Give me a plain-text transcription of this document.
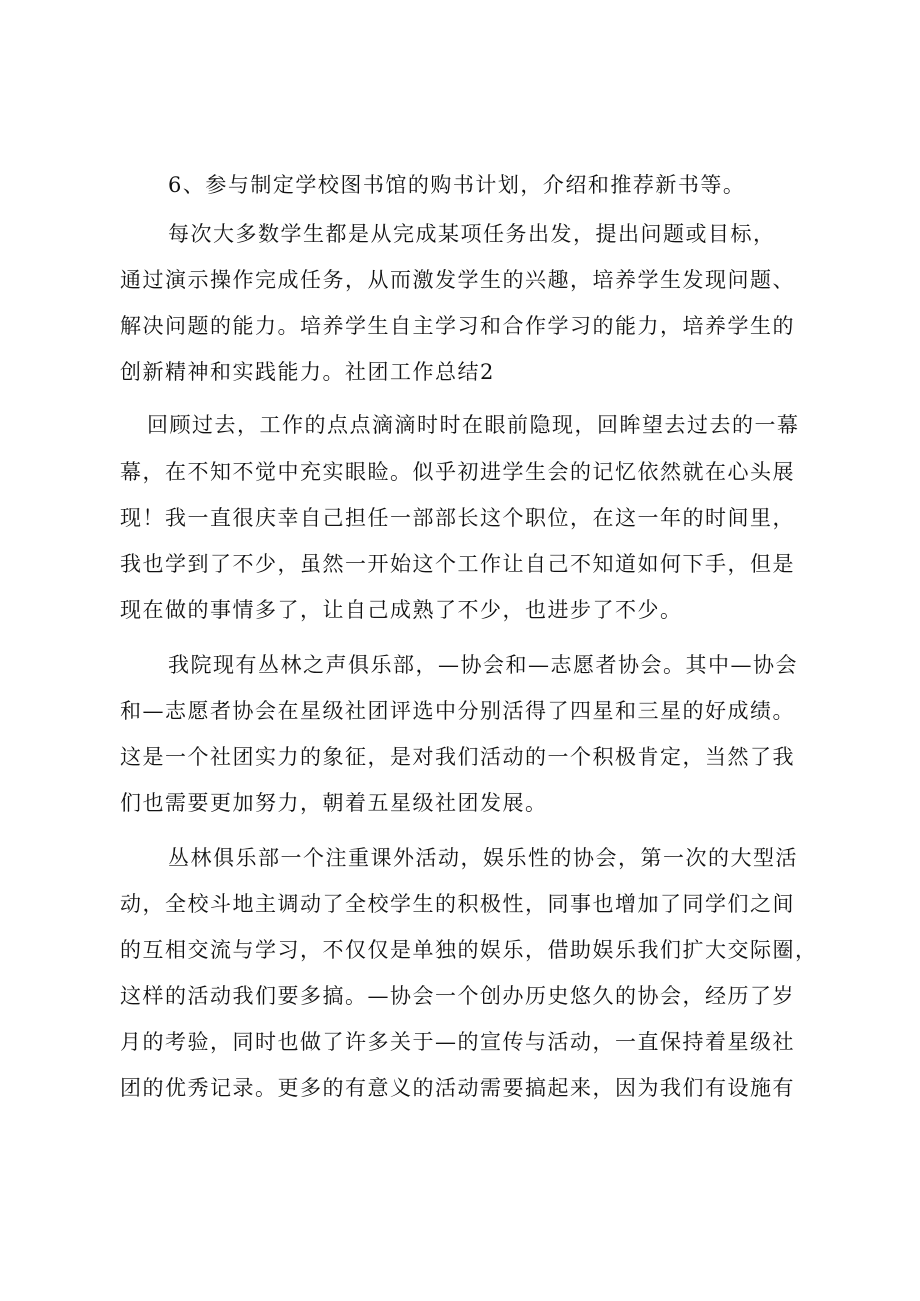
6、参与制定学校图书馆的购书计划，介绍和推荐新书等。

每次大多数学生都是从完成某项任务出发，提出问题或目标，

通过演示操作完成任务，从而激发学生的兴趣，培养学生发现问题、

解决问题的能力。培养学生自主学习和合作学习的能力，培养学生的

创新精神和实践能力。社团工作总结2

回顾过去，工作的点点滴滴时时在眼前隐现，回眸望去过去的一幕

幕，在不知不觉中充实眼睑。似乎初进学生会的记忆依然就在心头展

现！我一直很庆幸自己担任一部部长这个职位，在这一年的时间里，

我也学到了不少，虽然一开始这个工作让自己不知道如何下手，但是

现在做的事情多了，让自己成熟了不少，也进步了不少。

我院现有丛林之声俱乐部，—协会和—志愿者协会。其中—协会

和—志愿者协会在星级社团评选中分别活得了四星和三星的好成绩。

这是一个社团实力的象征，是对我们活动的一个积极肯定，当然了我

们也需要更加努力，朝着五星级社团发展。

丛林俱乐部一个注重课外活动，娱乐性的协会，第一次的大型活

动，全校斗地主调动了全校学生的积极性，同事也增加了同学们之间

的互相交流与学习，不仅仅是单独的娱乐，借助娱乐我们扩大交际圈，

这样的活动我们要多搞。—协会一个创办历史悠久的协会，经历了岁

月的考验，同时也做了许多关于—的宣传与活动，一直保持着星级社

团的优秀记录。更多的有意义的活动需要搞起来，因为我们有设施有
